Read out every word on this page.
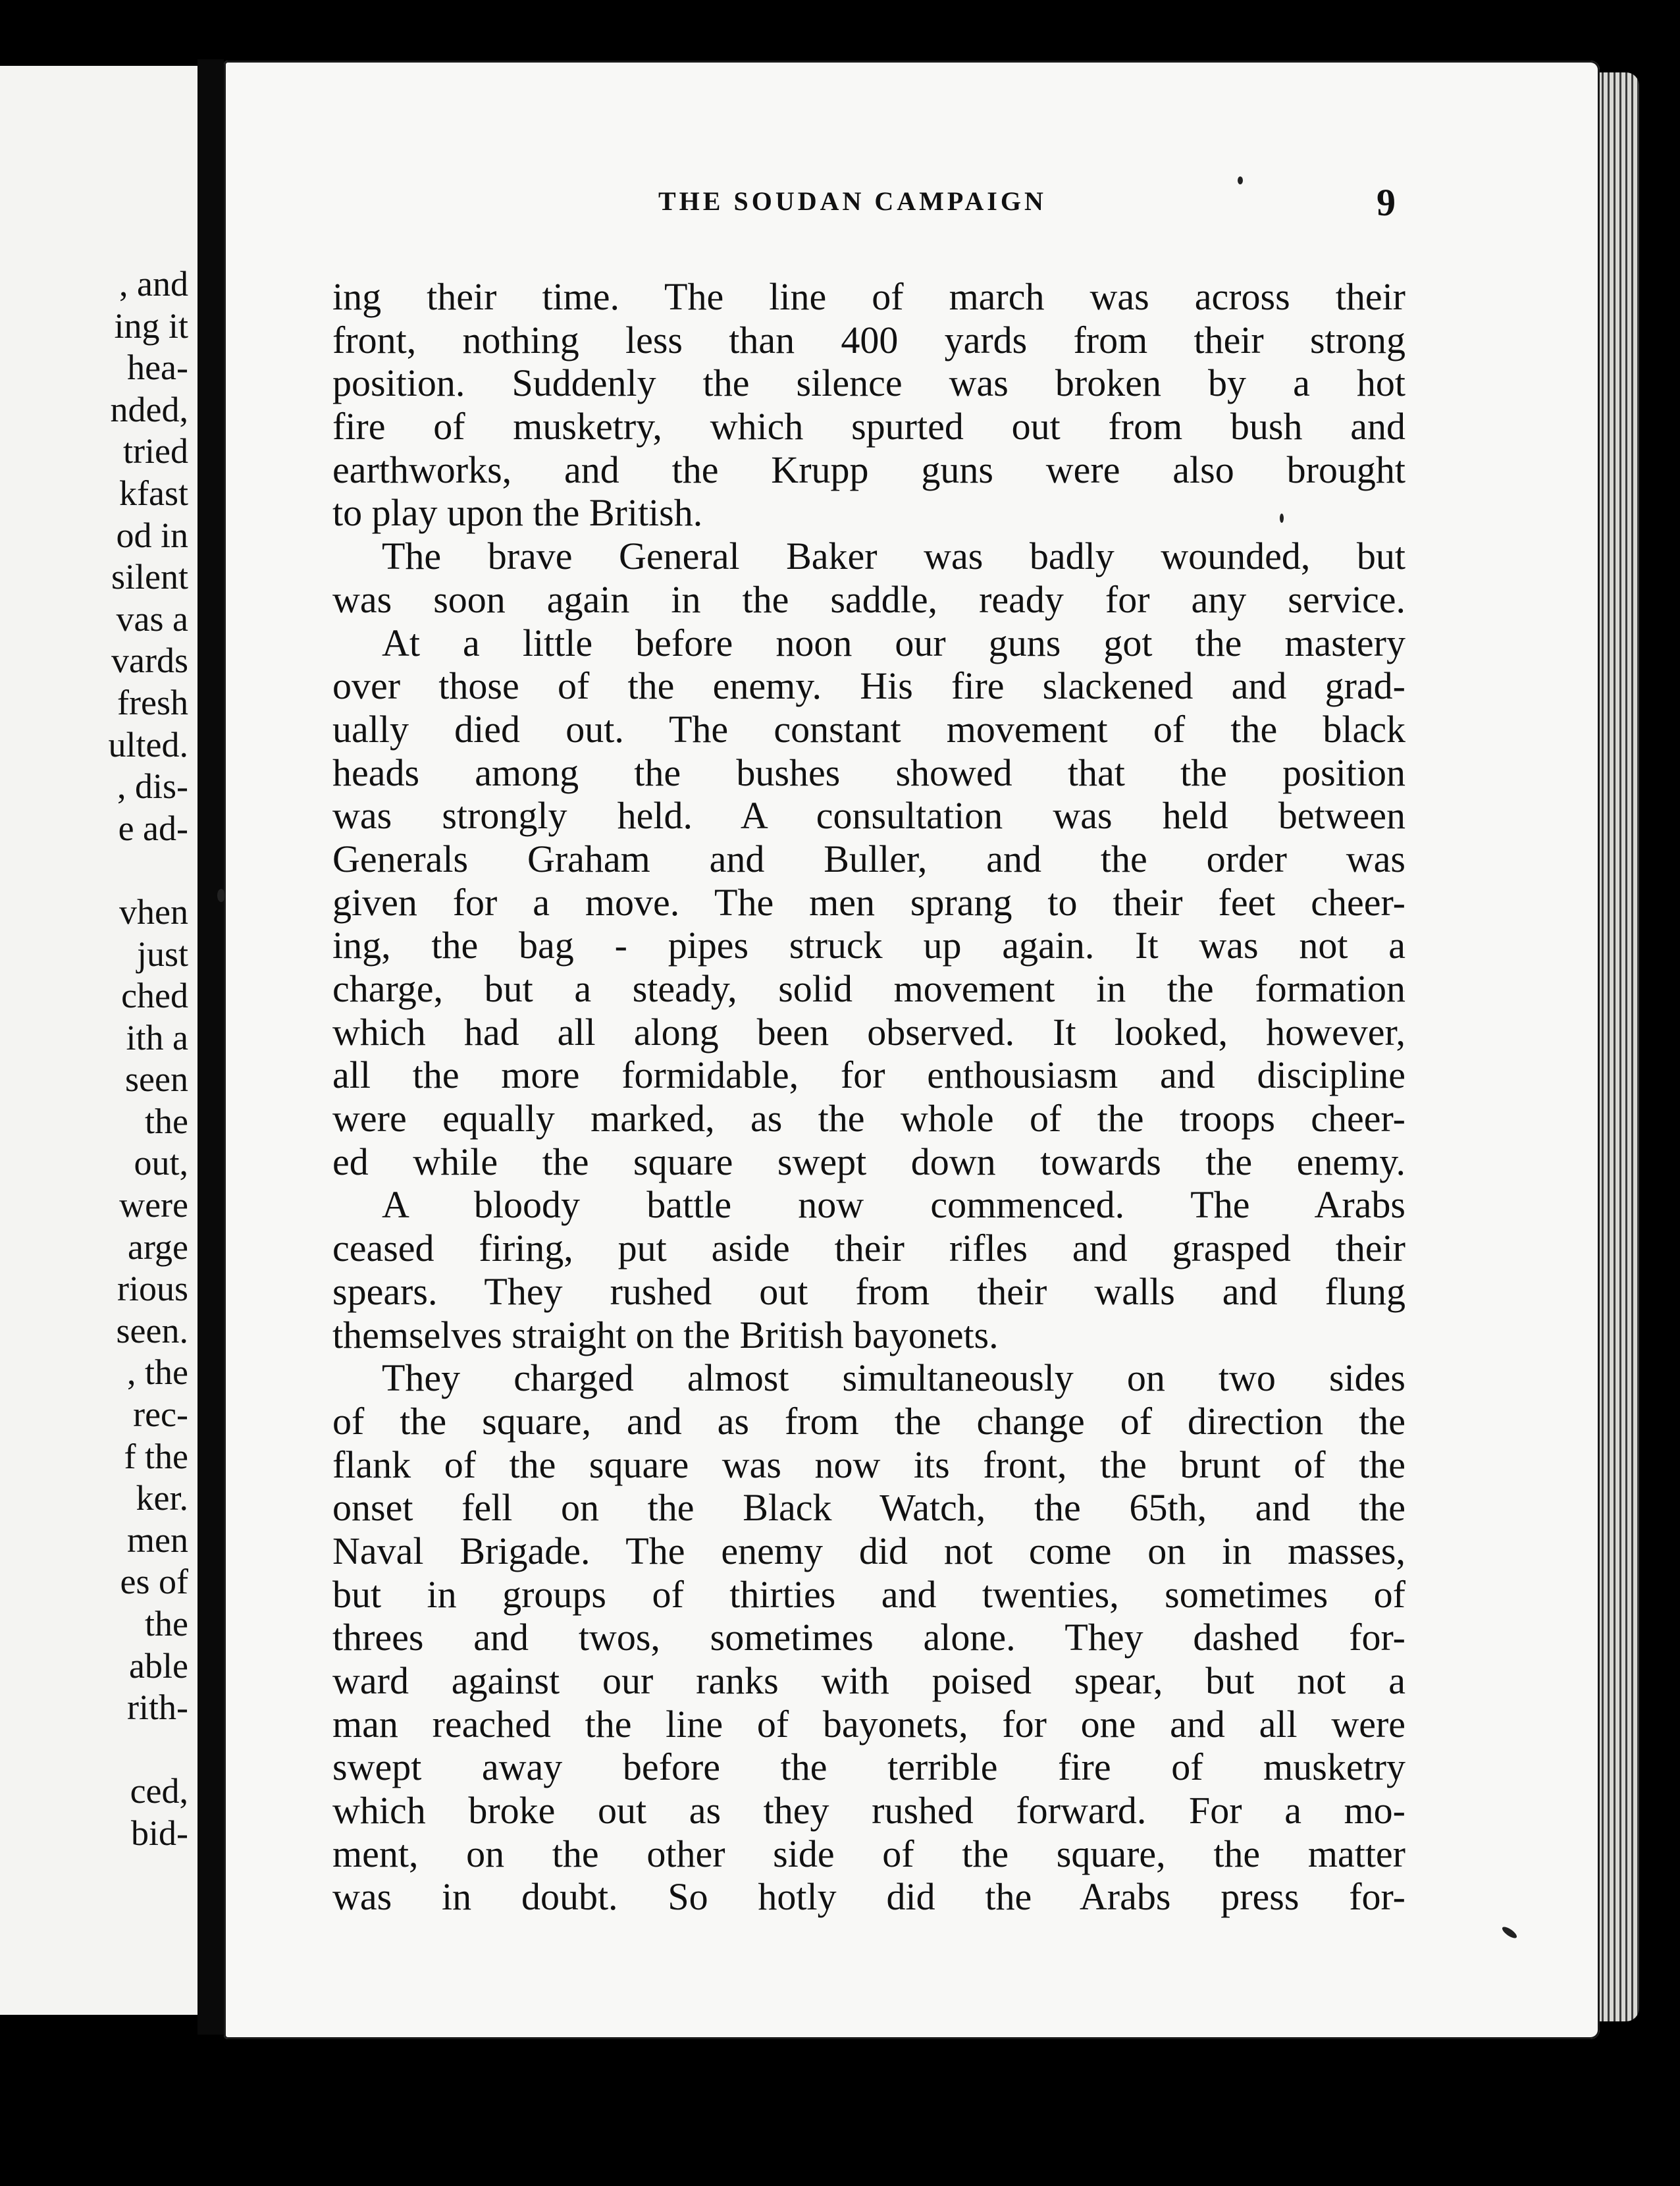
, and
ing it
hea-
nded,
tried
kfast
od in
silent
vas a
vards
fresh
ulted.
, dis-
e ad-
vhen
just
ched
ith a
seen
the
out,
were
arge
rious
seen.
, the
rec-
f the
ker.
men
es of
the
able
rith-
ced,
bid-
THE SOUDAN CAMPAIGN	9
ing their time. The line of march was across their
front, nothing less than 400 yards from their strong
position. Suddenly the silence was broken by a hot
fire of musketry, which spurted out from bush and
earthworks, and the Krupp guns were also brought
to play upon the British.
The brave General Baker was badly wounded, but
was soon again in the saddle, ready for any service.
At a little before noon our guns got the mastery
over those of the enemy. His fire slackened and grad-
ually died out. The constant movement of the black
heads among the bushes showed that the position
was strongly held. A consultation was held between
Generals Graham and Buller, and the order was
given for a move. The men sprang to their feet cheer-
ing, the bag - pipes struck up again. It was not a
charge, but a steady, solid movement in the formation
which had all along been observed. It looked, however,
all the more formidable, for enthousiasm and discipline
were equally marked, as the whole of the troops cheer-
ed while the square swept down towards the enemy.
A bloody battle now commenced. The Arabs
ceased firing, put aside their rifles and grasped their
spears. They rushed out from their walls and flung
themselves straight on the British bayonets.
They charged almost simultaneously on two sides
of the square, and as from the change of direction the
flank of the square was now its front, the brunt of the
onset fell on the Black Watch, the 65th, and the
Naval Brigade. The enemy did not come on in masses,
but in groups of thirties and twenties, sometimes of
threes and twos, sometimes alone. They dashed for-
ward against our ranks with poised spear, but not a
man reached the line of bayonets, for one and all were
swept away before the terrible fire of musketry
which broke out as they rushed forward. For a mo-
ment, on the other side of the square, the matter
was in doubt. So hotly did the Arabs press for-
